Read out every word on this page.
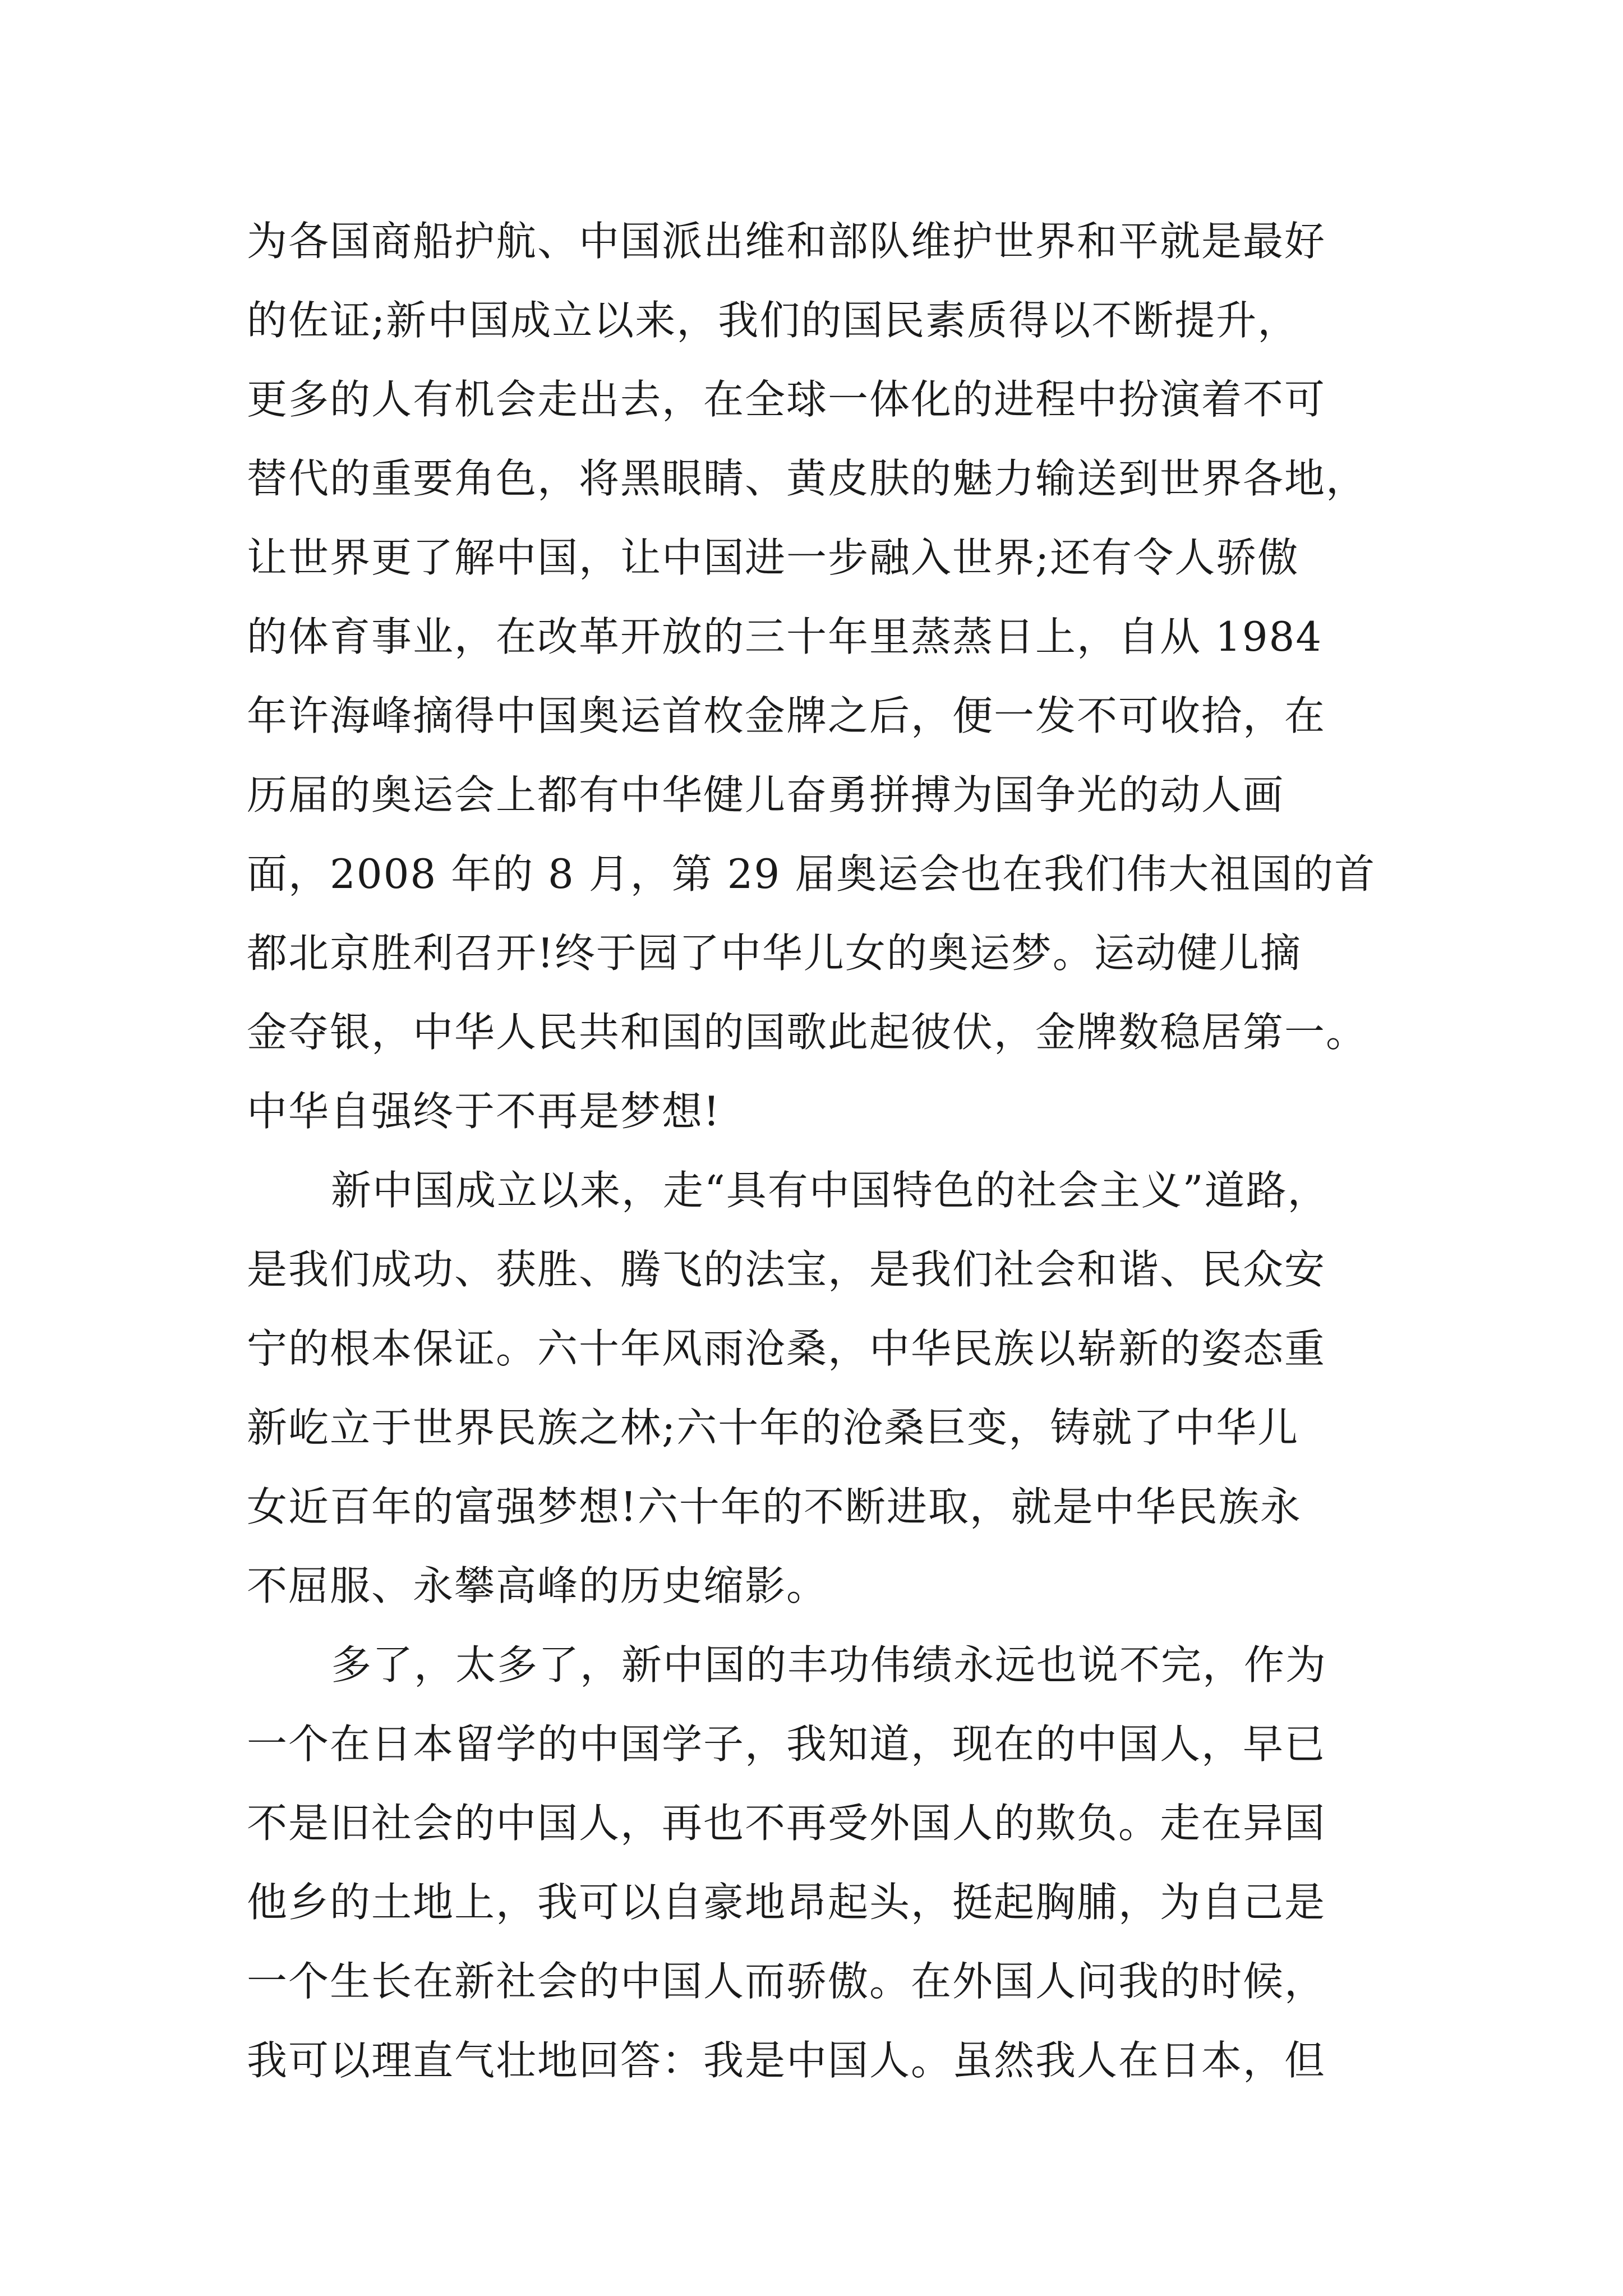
为各国商船护航、中国派出维和部队维护世界和平就是最好
的佐证;新中国成立以来，我们的国民素质得以不断提升，
更多的人有机会走出去，在全球一体化的进程中扮演着不可
替代的重要角色，将黑眼睛、黄皮肤的魅力输送到世界各地，
让世界更了解中国，让中国进一步融入世界;还有令人骄傲
的体育事业，在改革开放的三十年里蒸蒸日上，自从 1984
年许海峰摘得中国奥运首枚金牌之后，便一发不可收拾，在
历届的奥运会上都有中华健儿奋勇拼搏为国争光的动人画
面，2008 年的 8 月，第 29 届奥运会也在我们伟大祖国的首
都北京胜利召开!终于园了中华儿女的奥运梦。运动健儿摘
金夺银，中华人民共和国的国歌此起彼伏，金牌数稳居第一。
中华自强终于不再是梦想!
新中国成立以来，走“具有中国特色的社会主义”道路，
是我们成功、获胜、腾飞的法宝，是我们社会和谐、民众安
宁的根本保证。六十年风雨沧桑，中华民族以崭新的姿态重
新屹立于世界民族之林;六十年的沧桑巨变，铸就了中华儿
女近百年的富强梦想!六十年的不断进取，就是中华民族永
不屈服、永攀高峰的历史缩影。
多了，太多了，新中国的丰功伟绩永远也说不完，作为
一个在日本留学的中国学子，我知道，现在的中国人，早已
不是旧社会的中国人，再也不再受外国人的欺负。走在异国
他乡的土地上，我可以自豪地昂起头，挺起胸脯，为自己是
一个生长在新社会的中国人而骄傲。在外国人问我的时候，
我可以理直气壮地回答：我是中国人。虽然我人在日本，但
